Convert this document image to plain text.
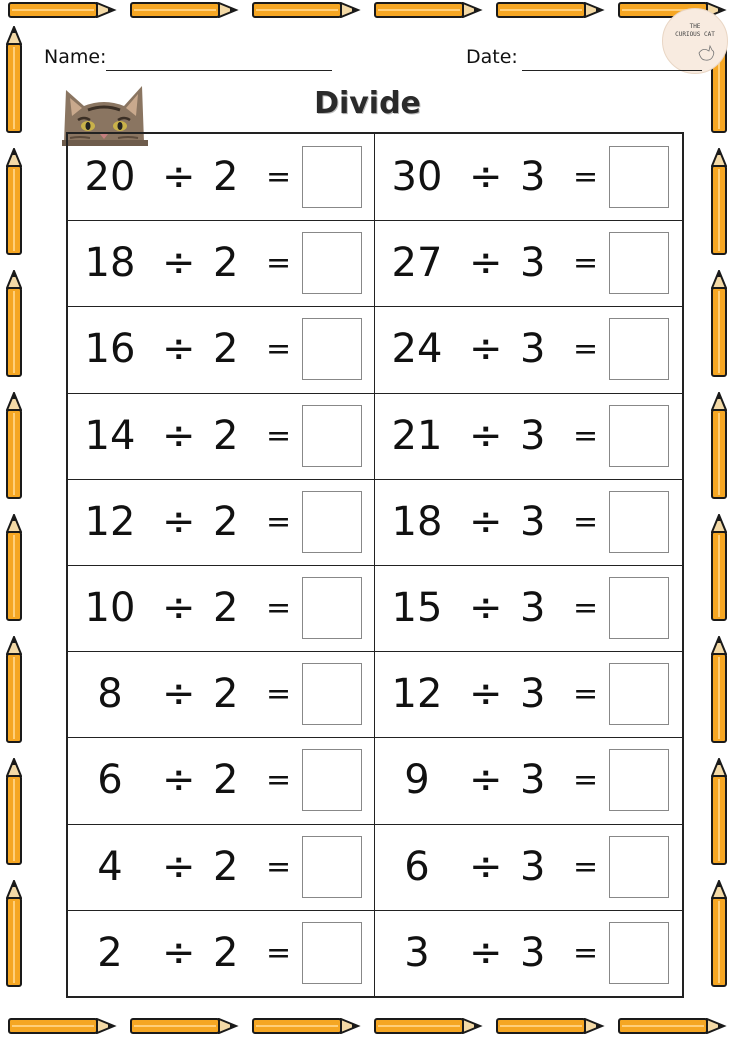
THE
CURIOUS CAT
Name:	Date:
Divide
20 ÷ 2 =	30 ÷ 3 =
18 ÷ 2 =	27 ÷ 3 =
16 ÷ 2 =	24 ÷ 3 =
14 ÷ 2 =	21 ÷ 3 =
12 ÷ 2 =	18 ÷ 3 =
10 ÷ 2 =	15 ÷ 3 =
8 ÷ 2 =	12 ÷ 3 =
6 ÷ 2 =	9 ÷ 3 =
4 ÷ 2 =	6 ÷ 3 =
2 ÷ 2 =	3 ÷ 3 =
